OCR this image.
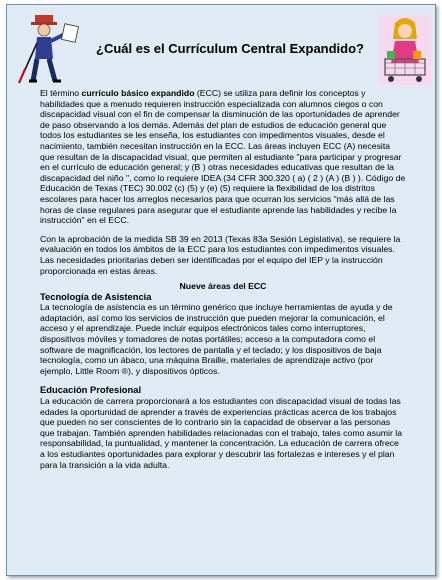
¿Cuál es el Currículum Central Expandido?

El término currículo básico expandido (ECC) se utiliza para definir los conceptos y habilidades que a menudo requieren instrucción especializada con alumnos ciegos o con discapacidad visual con el fin de compensar la disminución de las oportunidades de aprender de paso observando a los demás. Además del plan de estudios de educación general que todos los estudiantes se les enseña, los estudiantes con impedimentos visuales, desde el nacimiento, también necesitan instrucción en la ECC. Las áreas incluyen ECC (A) necesita que resultan de la discapacidad visual, que permiten al estudiante "para participar y progresar en el currículo de educación general; y (B ) otras necesidades educativas que resultan de la discapacidad del niño ", como lo requiere IDEA (34 CFR 300.320 ( a) ( 2 ) (A ) (B ) ). Código de Educación de Texas (TEC) 30.002 (c) (5) y (e) (5) requiere la flexibilidad de los distritos escolares para hacer los arreglos necesarios para que ocurran los servicios "más allá de las horas de clase regulares para asegurar que el estudiante aprende las habilidades y recibe la instrucción" en el ECC.

Con la aprobación de la medida SB 39 en 2013 (Texas 83a Sesión Legislativa), se requiere la evaluación en todos los ámbitos de la ECC para los estudiantes con impedimentos visuales. Las necesidades prioritarias deben ser identificadas por el equipo del IEP y la instrucción proporcionada en estas áreas.

Nueve áreas del ECC

Tecnología de Asistencia

La tecnología de asistencia es un término genérico que incluye herramientas de ayuda y de adaptación, así como los servicios de instrucción que pueden mejorar la comunicación, el acceso y el aprendizaje. Puede incluir equipos electrónicos tales como interruptores, dispositivos móviles y tomadores de notas portátiles; acceso a la computadora como el software de magnificación, los lectores de pantalla y el teclado; y los dispositivos de baja tecnología, como un ábaco, una máquina Braille, materiales de aprendizaje activo (por ejemplo, Little Room ®), y dispositivos ópticos.

Educación Profesional

La educación de carrera proporcionará a los estudiantes con discapacidad visual de todas las edades la oportunidad de aprender a través de experiencias prácticas acerca de los trabajos que pueden no ser conscientes de lo contrario sin la capacidad de observar a las personas que trabajan. También aprenden habilidades relacionadas con el trabajo, tales como asumir la responsabilidad, la puntualidad, y mantener la concentración. La educación de carrera ofrece a los estudiantes oportunidades para explorar y descubrir las fortalezas e intereses y el plan para la transición a la vida adulta.
